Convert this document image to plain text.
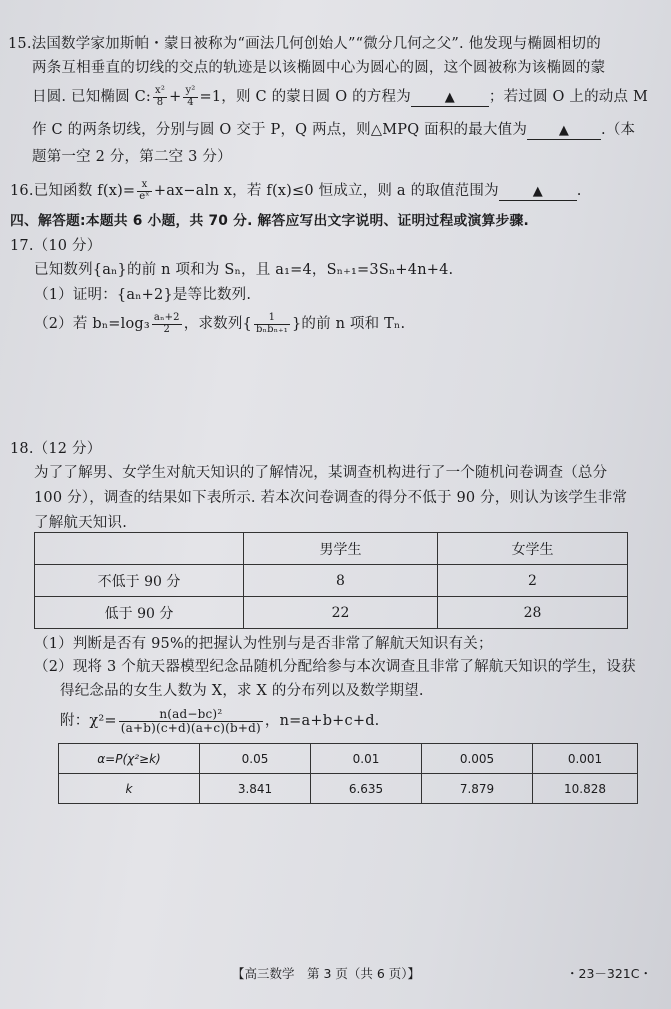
15.法国数学家加斯帕・蒙日被称为“画法几何创始人”“微分几何之父”. 他发现与椭圆相切的
两条互相垂直的切线的交点的轨迹是以该椭圆中心为圆心的圆，这个圆被称为该椭圆的蒙
日圆. 已知椭圆 C: $\frac{\text{x²}}{8} + \frac{\text{y²}}{4} =1$，则 C 的蒙日圆 O 的方程为	▲ ；若过圆 O 上的动点 M
作 C 的两条切线，分别与圆 O 交于 P，Q 两点，则△MPQ 面积的最大值为 ▲ .（本
题第一空 2 分，第二空 3 分）
16.已知函数 $f(x)= \frac{x}{\text{eˣ}} +ax-aln$ x，若 f(x)≤0 恒成立，则 a 的取值范围为	▲ .
四、解答题:本题共 6 小题，共 70 分. 解答应写出文字说明、证明过程或演算步骤.
17.（10 分）
已知数列{aₙ}的前 n 项和为 Sₙ，且 a₁=4，Sₙ₊₁=3Sₙ+4n+4.
（1）证明：{aₙ+2}是等比数列.
（2）若 $b_n=\log_3 \frac{\text{aₙ+2}}{2}$ ，求数列{ $\frac{1}{\text{bₙbₙ₊₁}}$ }的前 n 项和 Tₙ.
18.（12 分）
为了了解男、女学生对航天知识的了解情况，某调查机构进行了一个随机问卷调查（总分
100 分），调查的结果如下表所示. 若本次问卷调查的得分不低于 90 分，则认为该学生非常
了解航天知识.
	男学生	女学生
不低于 90 分	8	2
低于 90 分	22	28
（1）判断是否有 95%的把握认为性别与是否非常了解航天知识有关；
（2）现将 3 个航天器模型纪念品随机分配给参与本次调查且非常了解航天知识的学生，设获
得纪念品的女生人数为 X，求 X 的分布列以及数学期望.
附：$\chi^2= \frac{\text{n(ad−bc)²}}{(a+b)(c+d)(a+c)(b+d)}$ ，n=a+b+c+d.
α=P(χ²≥k)	0.05	0.01	0.005	0.001
k	3.841	6.635	7.879	10.828
【高三数学　第 3 页（共 6 页）】	・23－321C・
